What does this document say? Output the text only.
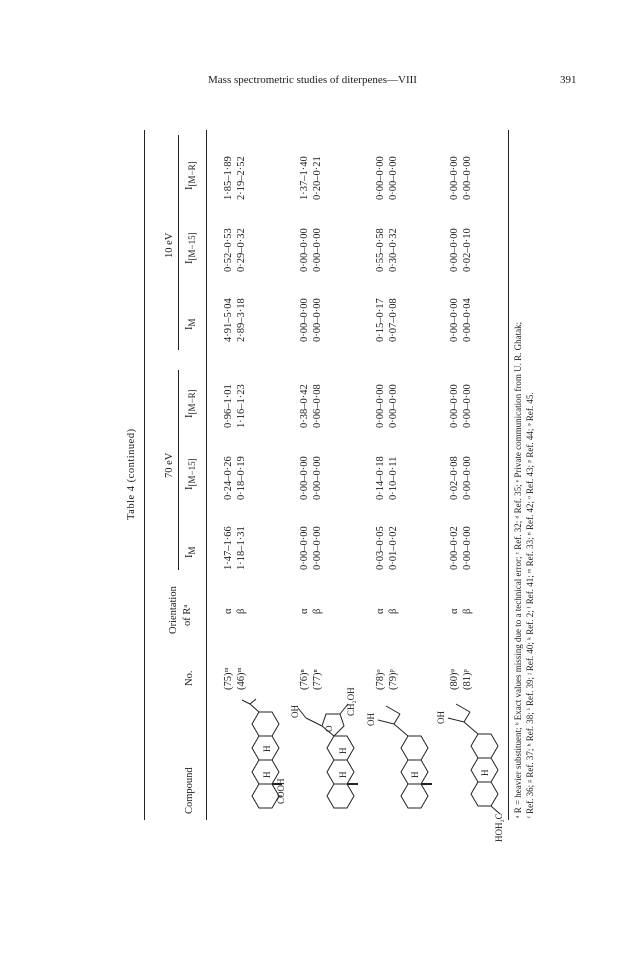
Mass spectrometric studies of diterpenes—VIII	391
Table 4 (continued)
Compound
No.
Orientation of Rᵃ
70 eV
10 eV
$I_M$
$I_{[M-15]}$
$I_{[M-R]}$
$I_M$
$I_{[M-15]}$
$I_{[M-R]}$
H
H
COOH
(75)ᵐ
(46)ᵐ
α
β
1·47–1·66
1·18–1·31
0·24–0·26
0·18–0·19
0·96–1·01
1·16–1·23
4·91–5·04
2·89–3·18
0·52–0·53
0·29–0·32
1·85–1·89
2·19–2·52
OH
O
CH₂OH
H
H
(76)ⁿ
(77)ⁿ
α
β
0·00–0·00
0·00–0·00
0·00–0·00
0·00–0·00
0·38–0·42
0·06–0·08
0·00–0·00
0·00–0·00
0·00–0·00
0·00–0·00
1·37–1·40
0·20–0·21
OH
H
(78)ᵒ
(79)ᵖ
α
β
0·03–0·05
0·01–0·02
0·14–0·18
0·10–0·11
0·00–0·00
0·00–0·00
0·15–0·17
0·07–0·08
0·55–0·58
0·30–0·32
0·00–0·00
0·00–0·00
OH
H
HOH₂C
(80)ᵠ
(81)ᵖ
α
β
0·00–0·02
0·00–0·00
0·02–0·08
0·00–0·00
0·00–0·00
0·00–0·00
0·00–0·00
0·00–0·04
0·00–0·00
0·02–0·10
0·00–0·00
0·00–0·00
ᵃ R = heavier substituent; ᵇ Exact values missing due to a technical error; ᶜ Ref. 32; ᵈ Ref. 35; ᵉ Private communication from U. R. Ghatak; ᶠ Ref. 36; ᵍ Ref. 37; ʰ Ref. 38; ⁱ Ref. 39; ʲ Ref. 40; ᵏ Ref. 2; ˡ Ref. 41; ᵐ Ref. 33; ⁿ Ref. 42; ᵒ Ref. 43; ᵖ Ref. 44; ᵠ Ref. 45.
